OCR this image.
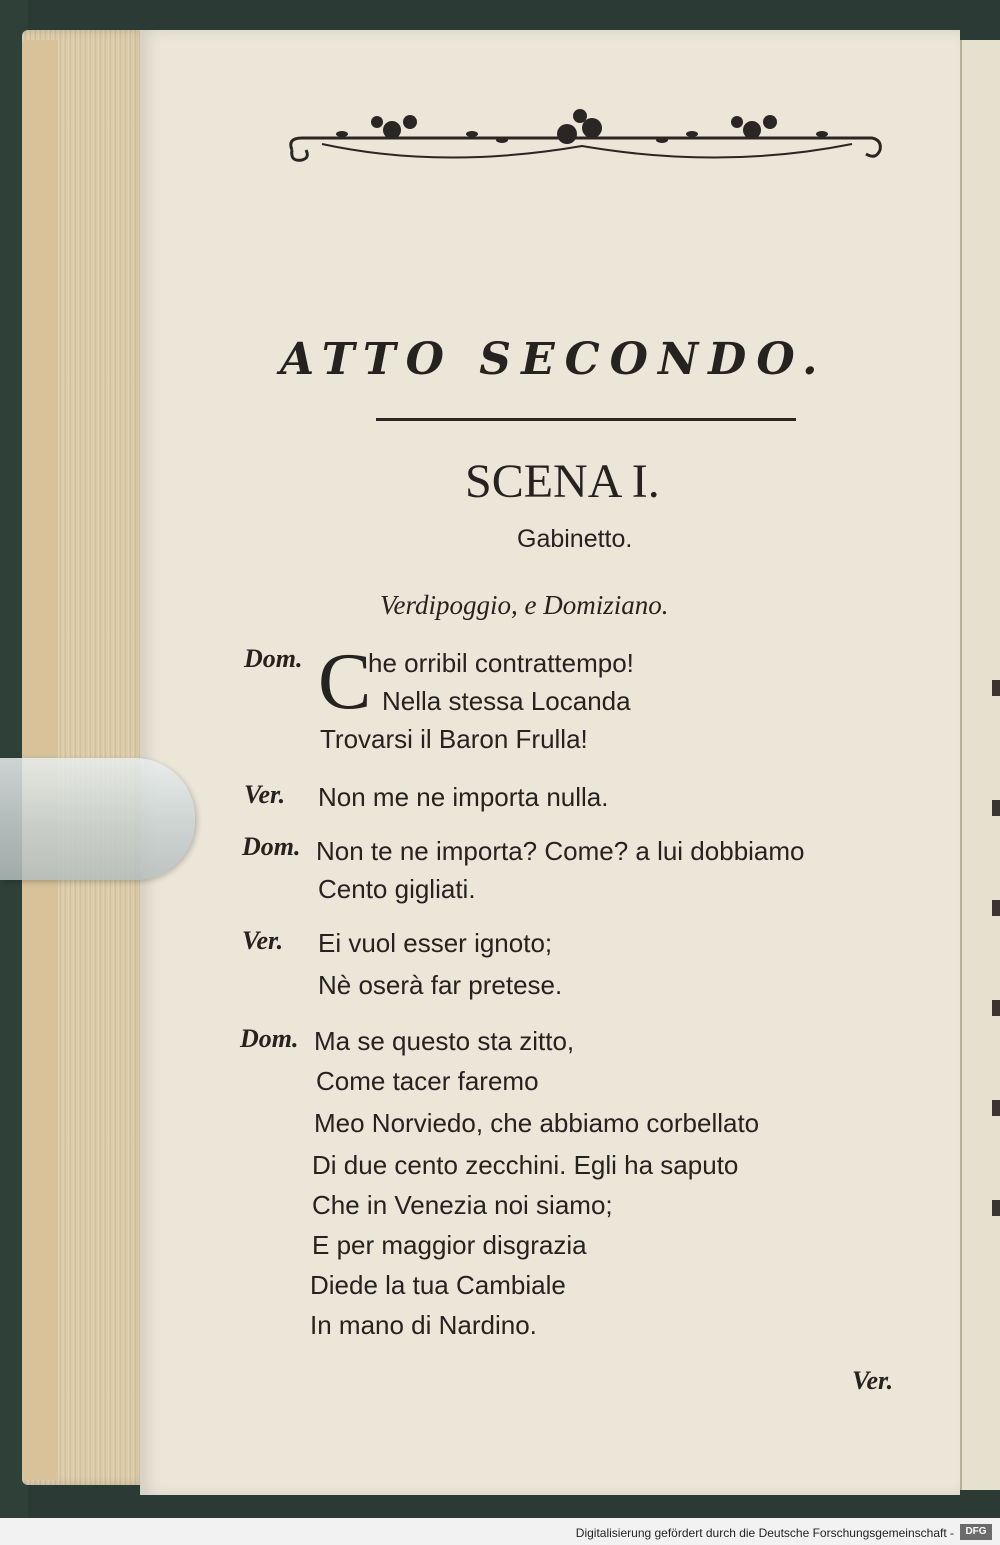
ATTO SECONDO.

SCENA I.

Gabinetto.

Verdipoggio, e Domiziano.

Dom. C

he orribil contrattempo!
Nella stessa Locanda
Trovarsi il Baron Frulla!
Ver. Non me ne importa nulla.
Dom. Non te ne importa? Come? a lui dobbiamo
Cento gigliati.
Ver. Ei vuol esser ignoto;
Nè oserà far pretese.
Dom. Ma se questo sta zitto,
Come tacer faremo
Meo Norviedo, che abbiamo corbellato
Di due cento zecchini. Egli ha saputo
Che in Venezia noi siamo;
E per maggior disgrazia
Diede la tua Cambiale
In mano di Nardino.

Ver.

Digitalisierung gefördert durch die Deutsche Forschungsgemeinschaft -	DFG
